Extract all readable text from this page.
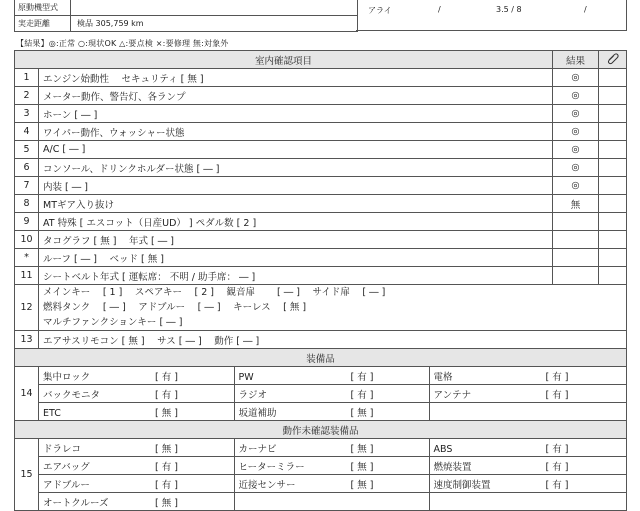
原動機型式
実走距離	検品 305,759 km
アライ	/	3.5 / 8	/
【結果】◎:正常 ○:現状OK △:要点検 ×:要修理 無:対象外
室内確認項目	結果	
1	エンジン始動性　 セキュリティ [ 無 ]	◎	
2	メーター動作、警告灯、各ランプ	◎	
3	ホーン [ ― ]	◎	
4	ワイパー動作、ウォッシャー状態	◎	
5	A/C [ ― ]	◎	
6	コンソール、ドリンクホルダー状態 [ ― ]	◎	
7	内装 [ ― ]	◎	
8	MTギア入り抜け	無	
9	AT 特殊 [ エスコット（日産UD） ] ペダル数 [ 2 ]		
10	タコグラフ [ 無 ]　 年式 [ ― ]		
*	ルーフ [ ― ]　 ベッド [ 無 ]		
11	シートベルト年式 [ 運転席： 不明 / 助手席： ― ]		
12	
メインキー　 [ 1 ]　 スペアキー　 [ 2 ]　 観音扉　　 [ ― ]　 サイド扉　 [ ― ]
燃料タンク　 [ ― ]　 アドブルー　 [ ― ]　 キーレス　 [ 無 ]
マルチファンクションキー [ ― ]

13	エアサスリモコン [ 無 ]　 サス [ ― ]　 動作 [ ― ]
装備品
14	
集中ロック	[ 有 ]	PW	[ 有 ]	電格	[ 有 ]
バックモニタ	[ 有 ]	ラジオ	[ 有 ]	アンテナ	[ 有 ]
ETC	[ 無 ]	坂道補助	[ 無 ]	

動作未確認装備品
15	
ドラレコ	[ 無 ]	カーナビ	[ 無 ]	ABS	[ 有 ]
エアバッグ	[ 有 ]	ヒーターミラー	[ 無 ]	燃焼装置	[ 有 ]
アドブルー	[ 有 ]	近接センサー	[ 無 ]	速度制御装置	[ 有 ]
オートクルーズ	[ 無 ]		
